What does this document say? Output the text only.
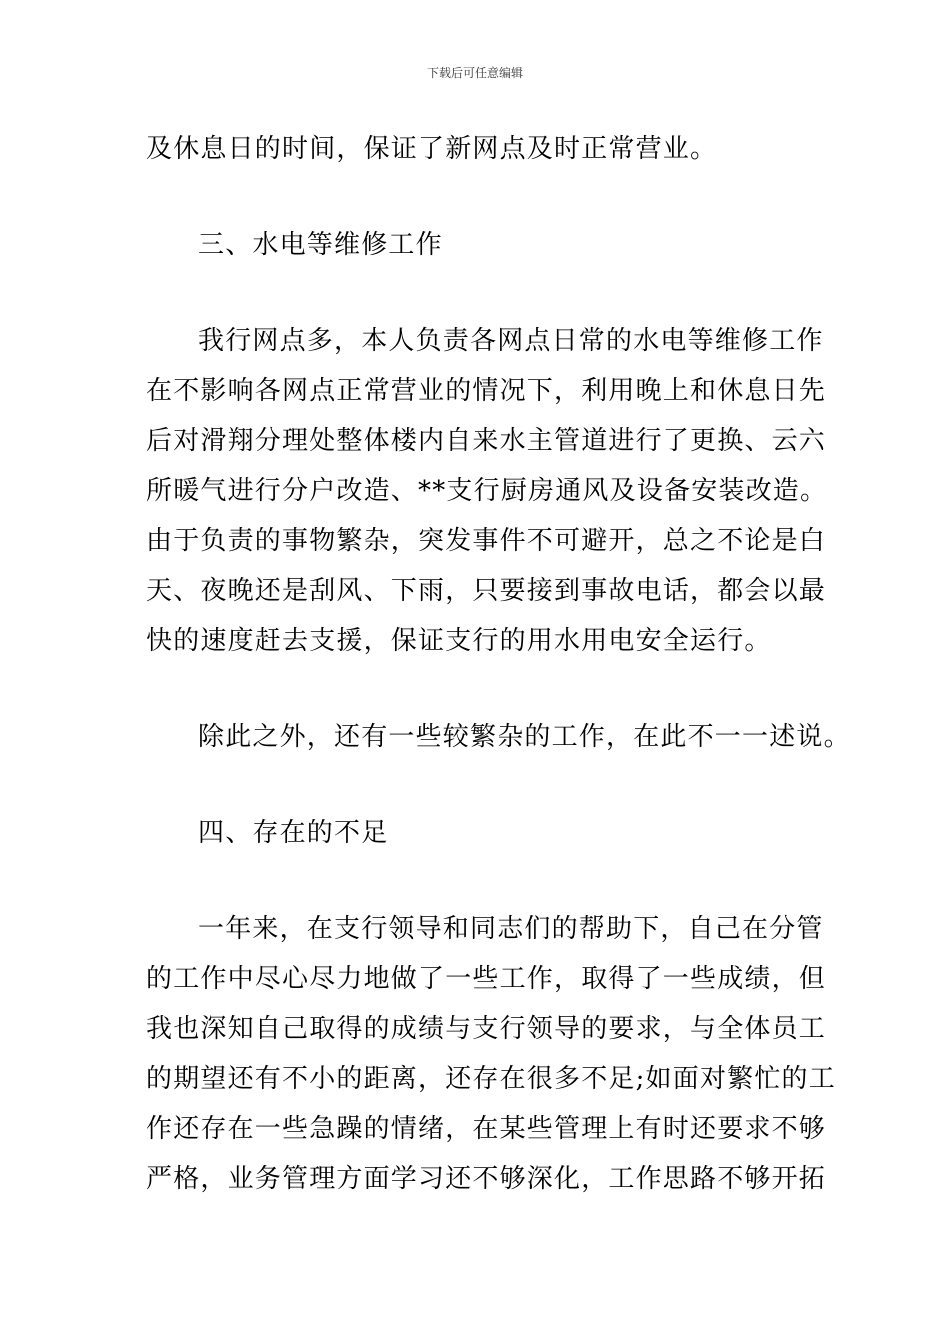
下载后可任意编辑

及休息日的时间，保证了新网点及时正常营业。

三、水电等维修工作

我行网点多，本人负责各网点日常的水电等维修工作
在不影响各网点正常营业的情况下，利用晚上和休息日先
后对滑翔分理处整体楼内自来水主管道进行了更换、云六
所暖气进行分户改造、**支行厨房通风及设备安装改造。
由于负责的事物繁杂，突发事件不可避开，总之不论是白
天、夜晚还是刮风、下雨，只要接到事故电话，都会以最
快的速度赶去支援，保证支行的用水用电安全运行。

除此之外，还有一些较繁杂的工作，在此不一一述说。

四、存在的不足

一年来，在支行领导和同志们的帮助下，自己在分管
的工作中尽心尽力地做了一些工作，取得了一些成绩，但
我也深知自己取得的成绩与支行领导的要求，与全体员工
的期望还有不小的距离，还存在很多不足;如面对繁忙的工
作还存在一些急躁的情绪，在某些管理上有时还要求不够
严格，业务管理方面学习还不够深化，工作思路不够开拓
